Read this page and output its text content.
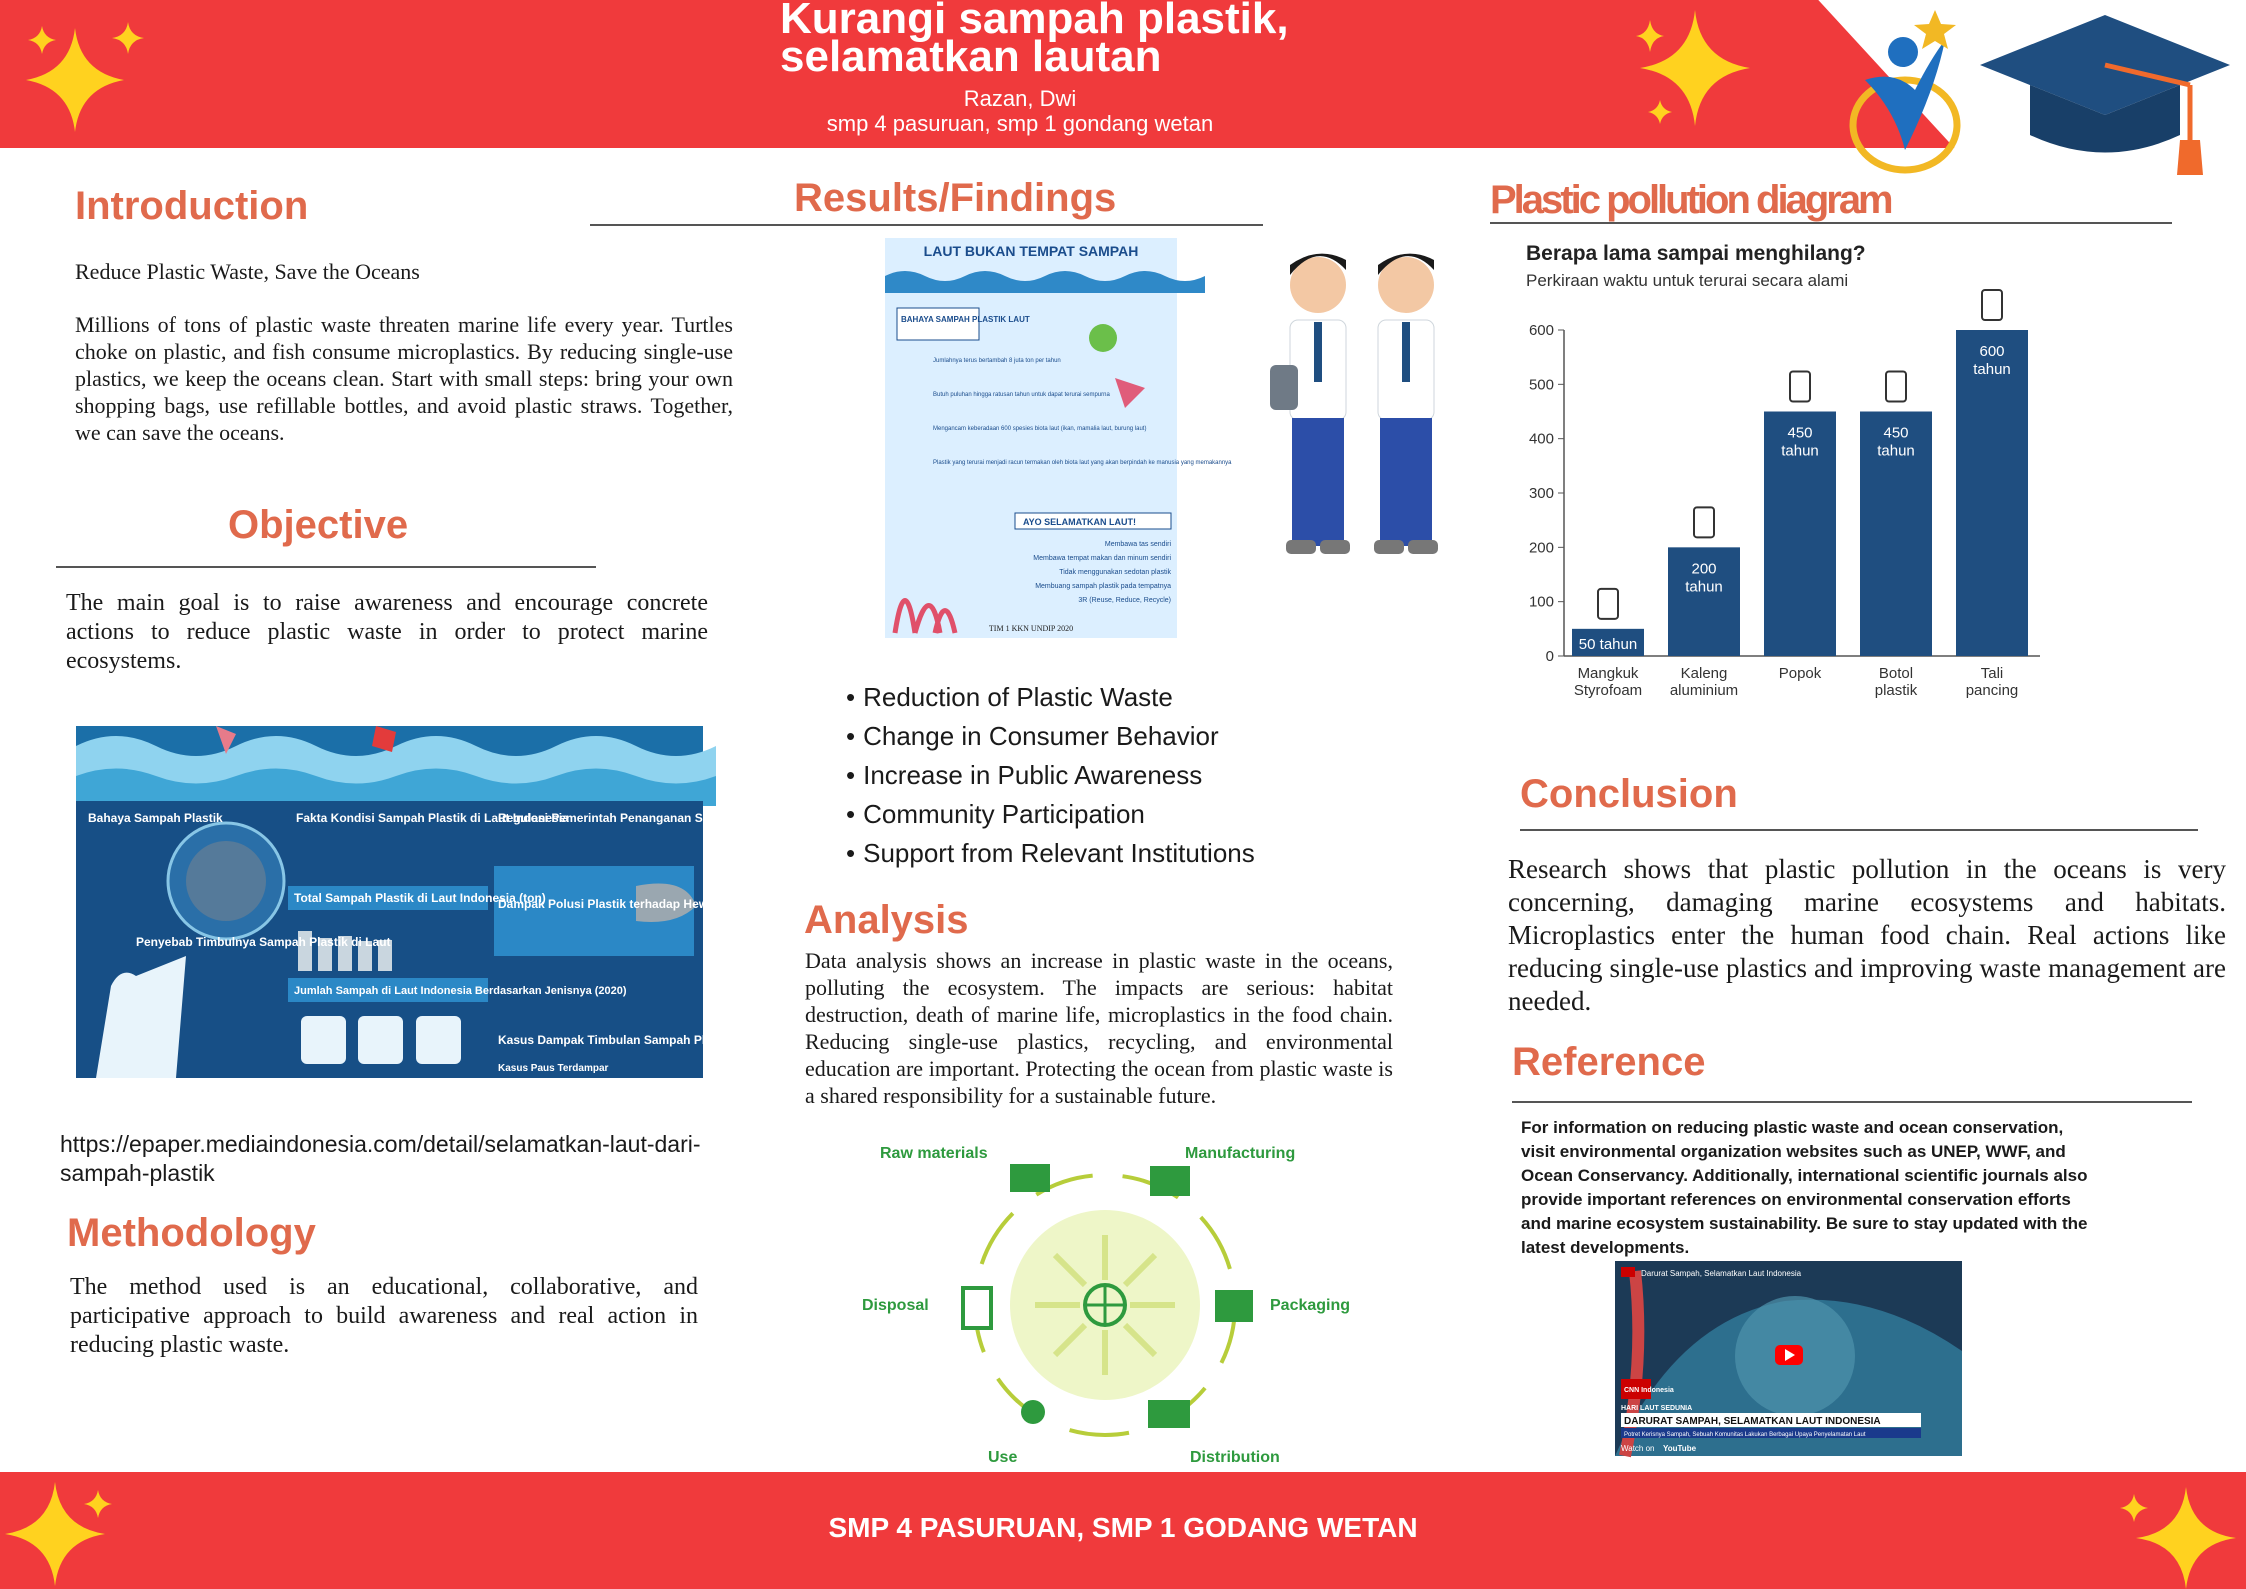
Kurangi sampah plastik,
selamatkan lautan
Razan, Dwi
smp 4 pasuruan, smp 1 gondang wetan
Introduction
Reduce Plastic Waste, Save the Oceans
Millions of tons of plastic waste threaten marine life every year. Turtles choke on plastic, and fish consume microplastics. By reducing single-use plastics, we keep the oceans clean. Start with small steps: bring your own shopping bags, use refillable bottles, and avoid plastic straws. Together, we can save the oceans.
Objective
The main goal is to raise awareness and encourage concrete actions to reduce plastic waste in order to protect marine ecosystems.
Bahaya Sampah Plastik	Fakta Kondisi Sampah Plastik di Laut Indonesia
Regulasi Pemerintah Penanganan Sampah
Total Sampah Plastik di Laut Indonesia (ton)
Dampak Polusi Plastik terhadap Hewan Laut
Penyebab Timbulnya Sampah Plastik di Laut
Jumlah Sampah di Laut Indonesia Berdasarkan Jenisnya (2020)
Kasus Dampak Timbulan Sampah Plastik di Laut
Kasus Paus Terdampar
https://epaper.mediaindonesia.com/detail/selamatkan-laut-dari-sampah-plastik
Methodology
The method used is an educational, collaborative, and participative approach to build awareness and real action in reducing plastic waste.
Results/Findings
LAUT BUKAN TEMPAT SAMPAH
BAHAYA SAMPAH PLASTIK LAUT
Jumlahnya terus bertambah 8 juta ton per tahun
Butuh puluhan hingga ratusan tahun untuk dapat terurai sempurna
Mengancam keberadaan 600 spesies biota laut (ikan, mamalia laut, burung laut)
Plastik yang terurai menjadi racun termakan oleh biota laut yang akan berpindah ke manusia yang memakannya
AYO SELAMATKAN LAUT!
Membawa tas sendiri
Membawa tempat makan dan minum sendiri
Tidak menggunakan sedotan plastik
Membuang sampah plastik pada tempatnya
3R (Reuse, Reduce, Recycle)
TIM 1 KKN UNDIP 2020
• Reduction of Plastic Waste
• Change in Consumer Behavior
• Increase in Public Awareness
• Community Participation
• Support from Relevant Institutions
Analysis
Data analysis shows an increase in plastic waste in the oceans, polluting the ecosystem. The impacts are serious: habitat destruction, death of marine life, microplastics in the food chain. Reducing single-use plastics, recycling, and environmental education are important. Protecting the ocean from plastic waste is a shared responsibility for a sustainable future.
Raw materials	Manufacturing
Packaging
Distribution
Use
Disposal
Plastic pollution diagram
Berapa lama sampai menghilang?
Perkiraan waktu untuk terurai secara alami
0
100
200
300
400
500
600
50 tahun
Mangkuk
Styrofoam
200
tahun
Kaleng
aluminium
450
tahun
Popok
450
tahun
Botol
plastik
600
tahun
Tali
pancing
Conclusion
Research shows that plastic pollution in the oceans is very concerning, damaging marine ecosystems and habitats. Microplastics enter the human food chain. Real actions like reducing single-use plastics and improving waste management are needed.
Reference
For information on reducing plastic waste and ocean conservation, visit environmental organization websites such as UNEP, WWF, and Ocean Conservancy. Additionally, international scientific journals also provide important references on environmental conservation efforts and marine ecosystem sustainability. Be sure to stay updated with the latest developments.
Darurat Sampah, Selamatkan Laut Indonesia
CNN Indonesia
HARI LAUT SEDUNIA
DARURAT SAMPAH, SELAMATKAN LAUT INDONESIA
Potret Kerisnya Sampah, Sebuah Komunitas Lakukan Berbagai Upaya Penyelamatan Laut
Watch on YouTube
SMP 4 PASURUAN, SMP 1 GODANG WETAN
